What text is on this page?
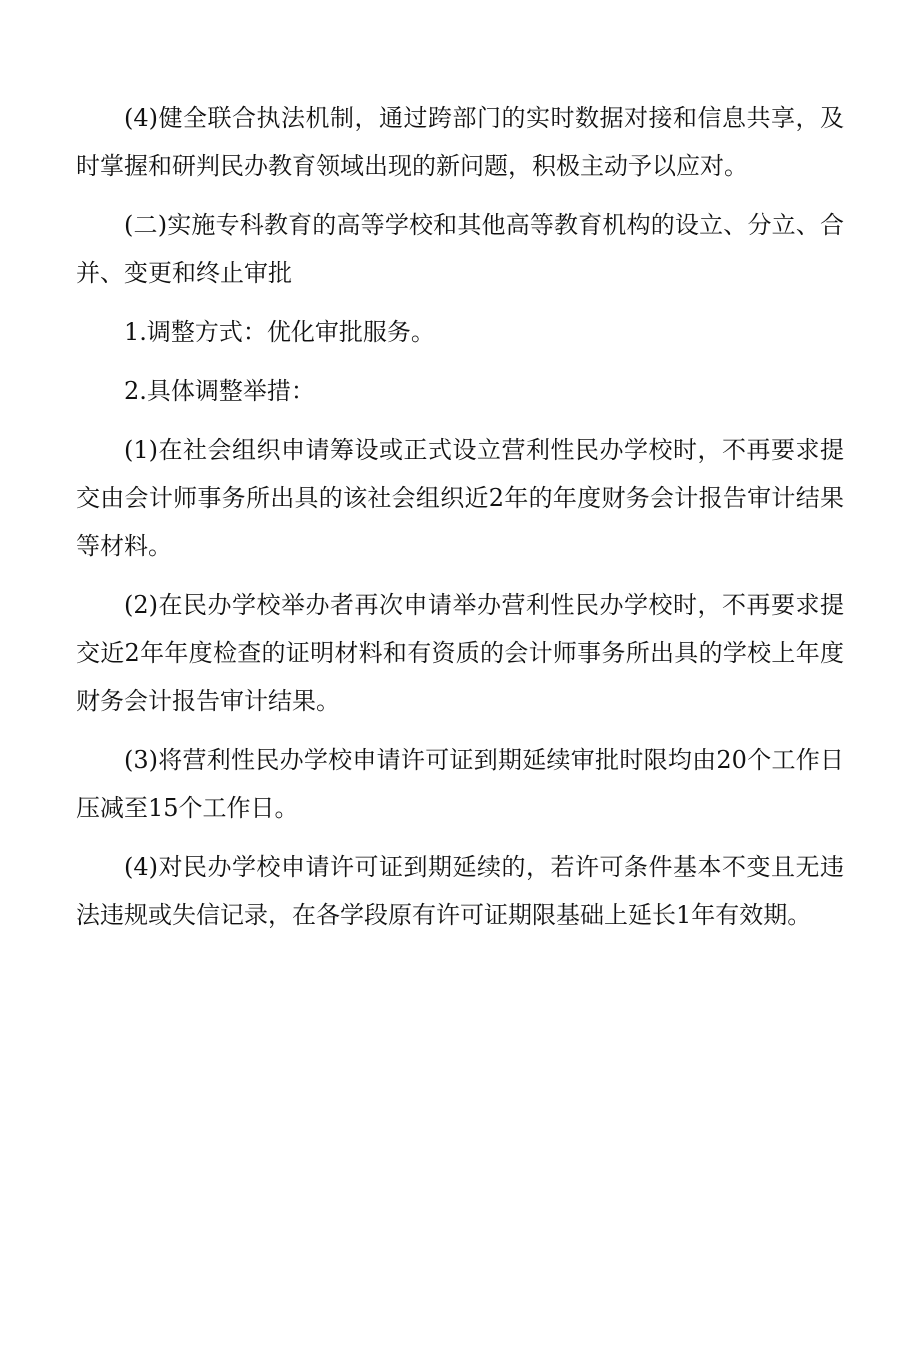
(4)健全联合执法机制，通过跨部门的实时数据对接和信息共享，及时掌握和研判民办教育领域出现的新问题，积极主动予以应对。

(二)实施专科教育的高等学校和其他高等教育机构的设立、分立、合并、变更和终止审批

1.调整方式：优化审批服务。

2.具体调整举措：

(1)在社会组织申请筹设或正式设立营利性民办学校时，不再要求提交由会计师事务所出具的该社会组织近2年的年度财务会计报告审计结果等材料。

(2)在民办学校举办者再次申请举办营利性民办学校时，不再要求提交近2年年度检查的证明材料和有资质的会计师事务所出具的学校上年度财务会计报告审计结果。

(3)将营利性民办学校申请许可证到期延续审批时限均由20个工作日压减至15个工作日。

(4)对民办学校申请许可证到期延续的，若许可条件基本不变且无违法违规或失信记录，在各学段原有许可证期限基础上延长1年有效期。
